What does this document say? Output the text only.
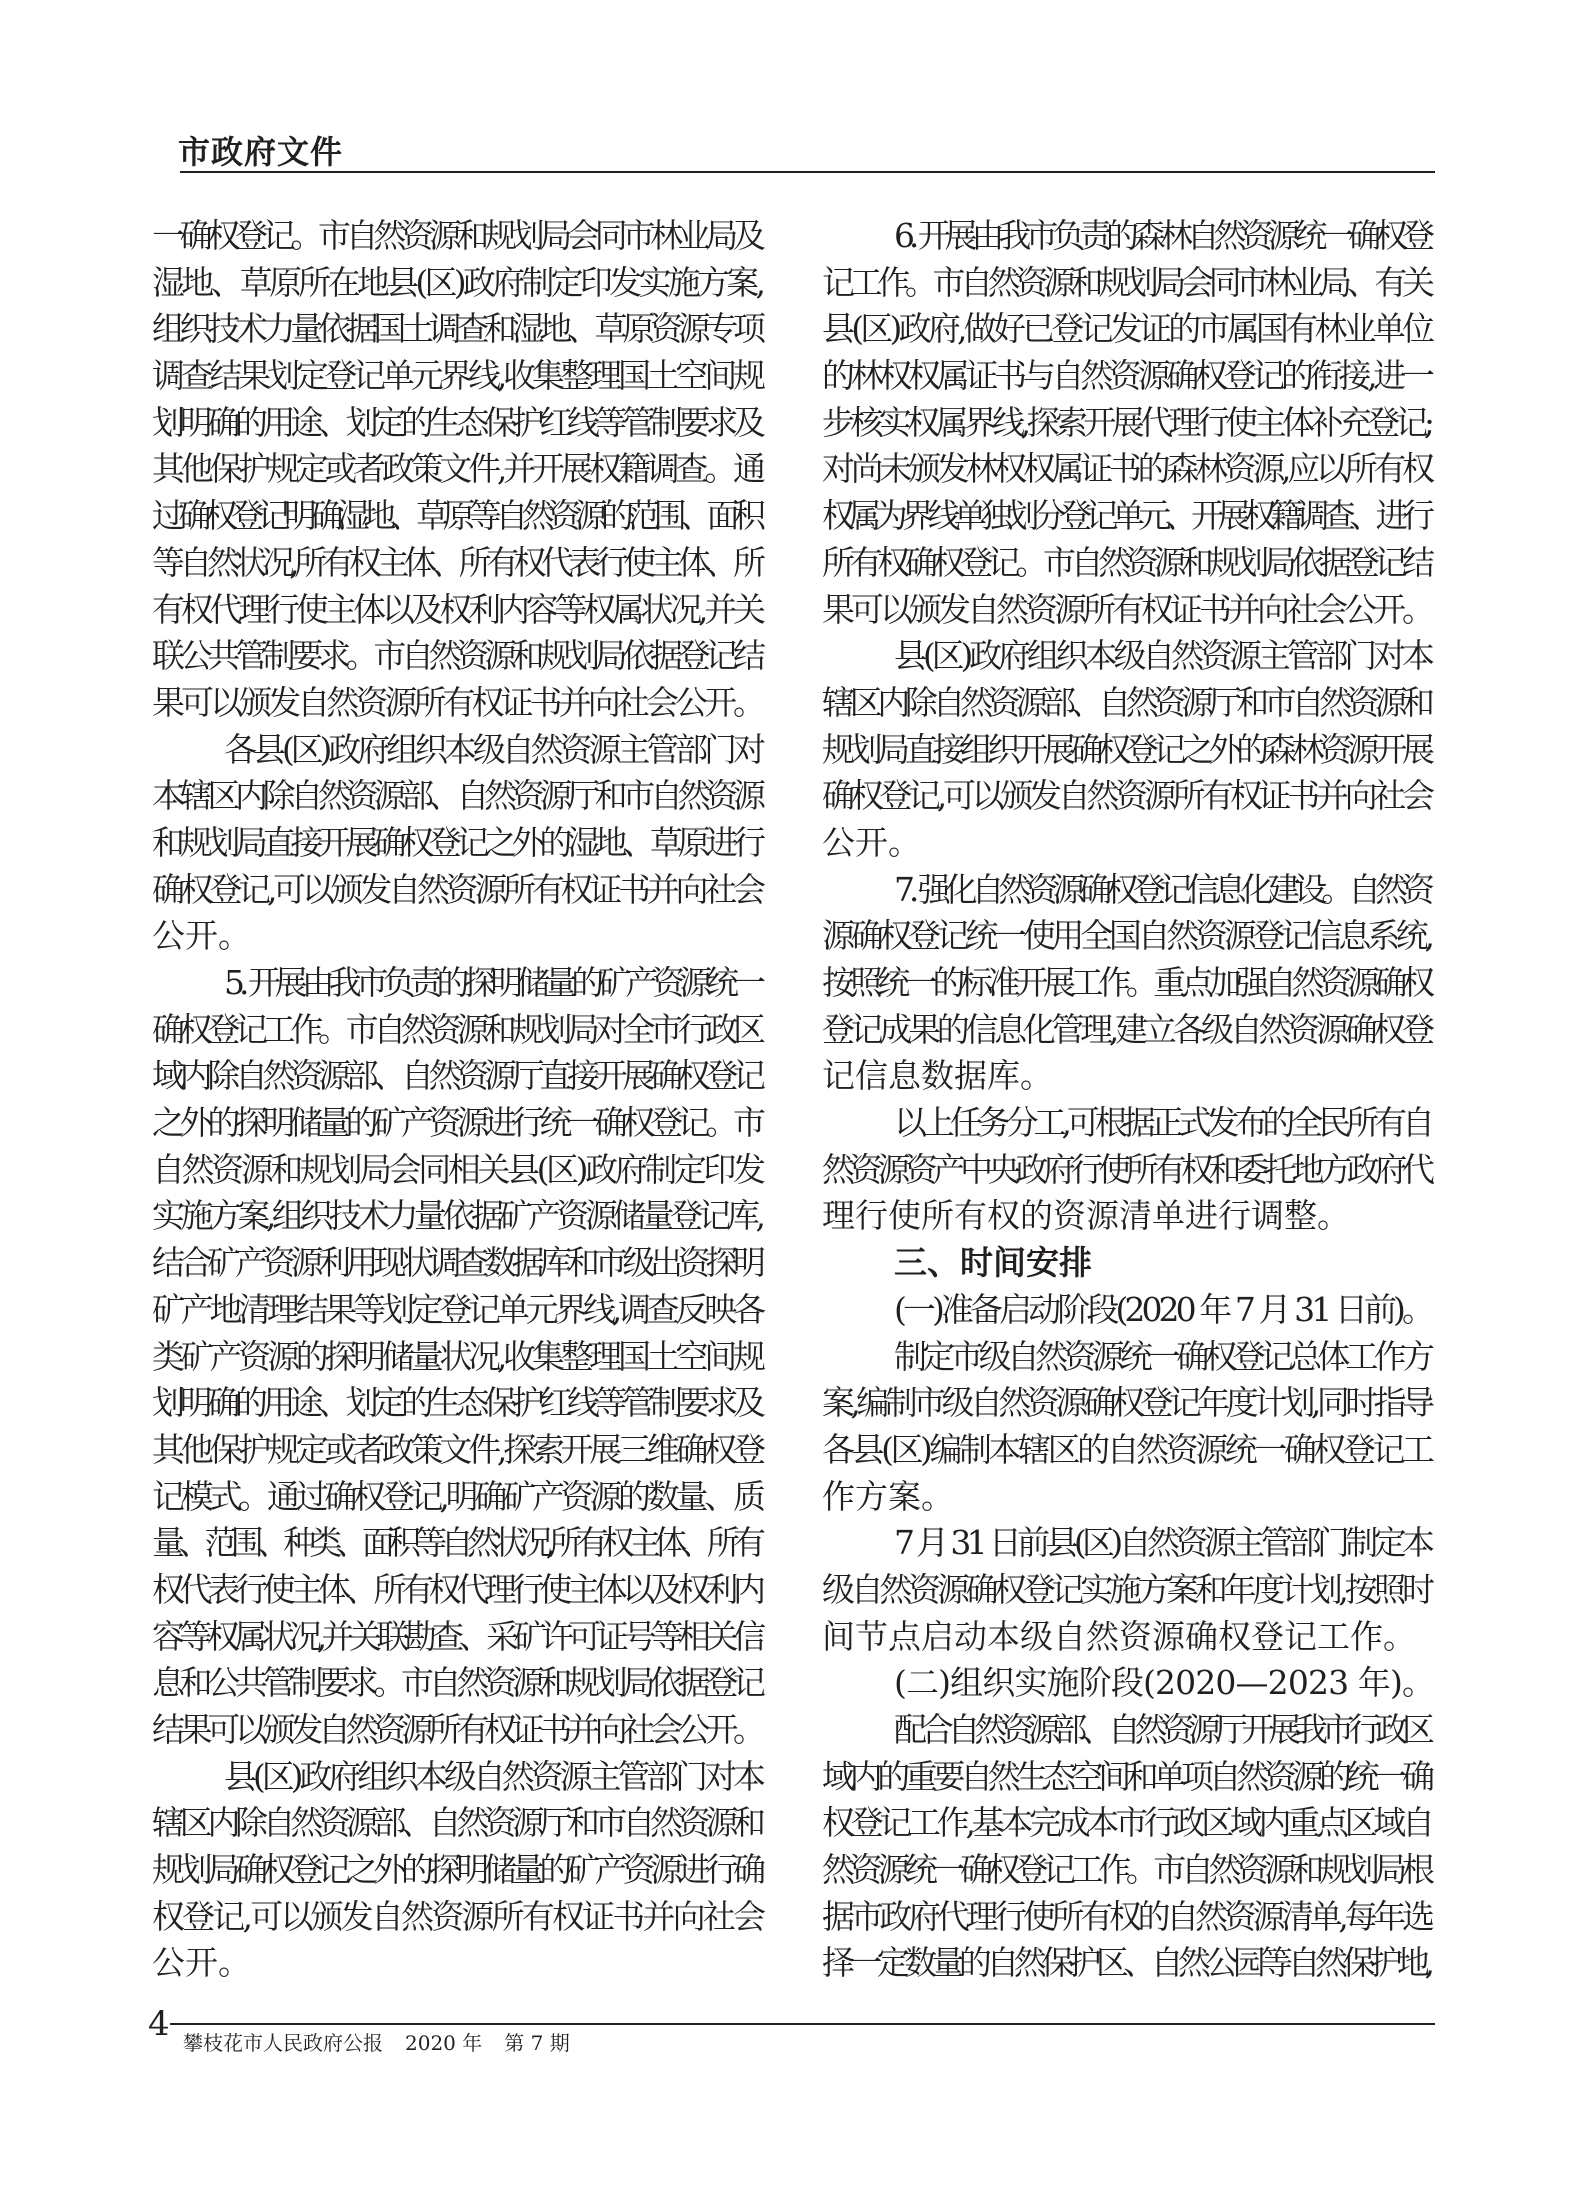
市政府文件
一确权登记。市自然资源和规划局会同市林业局及
湿地、草原所在地县(区)政府制定印发实施方案,
组织技术力量依据国土调查和湿地、草原资源专项
调查结果划定登记单元界线,收集整理国土空间规
划明确的用途、划定的生态保护红线等管制要求及
其他保护规定或者政策文件,并开展权籍调查。通
过确权登记明确湿地、草原等自然资源的范围、面积
等自然状况,所有权主体、所有权代表行使主体、所
有权代理行使主体以及权利内容等权属状况,并关
联公共管制要求。市自然资源和规划局依据登记结
果可以颁发自然资源所有权证书并向社会公开。
各县(区)政府组织本级自然资源主管部门对
本辖区内除自然资源部、自然资源厅和市自然资源
和规划局直接开展确权登记之外的湿地、草原进行
确权登记,可以颁发自然资源所有权证书并向社会
公开。
5. 开展由我市负责的探明储量的矿产资源统一
确权登记工作。市自然资源和规划局对全市行政区
域内除自然资源部、自然资源厅直接开展确权登记
之外的探明储量的矿产资源进行统一确权登记。市
自然资源和规划局会同相关县(区)政府制定印发
实施方案,组织技术力量依据矿产资源储量登记库,
结合矿产资源利用现状调查数据库和市级出资探明
矿产地清理结果等划定登记单元界线,调查反映各
类矿产资源的探明储量状况,收集整理国土空间规
划明确的用途、划定的生态保护红线等管制要求及
其他保护规定或者政策文件,探索开展三维确权登
记模式。通过确权登记,明确矿产资源的数量、质
量、范围、种类、面积等自然状况,所有权主体、所有
权代表行使主体、所有权代理行使主体以及权利内
容等权属状况,并关联勘查、采矿许可证号等相关信
息和公共管制要求。市自然资源和规划局依据登记
结果可以颁发自然资源所有权证书并向社会公开。
县(区)政府组织本级自然资源主管部门对本
辖区内除自然资源部、自然资源厅和市自然资源和
规划局确权登记之外的探明储量的矿产资源进行确
权登记,可以颁发自然资源所有权证书并向社会
公开。
6. 开展由我市负责的森林自然资源统一确权登
记工作。市自然资源和规划局会同市林业局、有关
县(区)政府,做好已登记发证的市属国有林业单位
的林权权属证书与自然资源确权登记的衔接,进一
步核实权属界线,探索开展代理行使主体补充登记;
对尚未颁发林权权属证书的森林资源,应以所有权
权属为界线单独划分登记单元、开展权籍调查、进行
所有权确权登记。市自然资源和规划局依据登记结
果可以颁发自然资源所有权证书并向社会公开。
县(区)政府组织本级自然资源主管部门对本
辖区内除自然资源部、自然资源厅和市自然资源和
规划局直接组织开展确权登记之外的森林资源开展
确权登记,可以颁发自然资源所有权证书并向社会
公开。
7. 强化自然资源确权登记信息化建设。自然资
源确权登记统一使用全国自然资源登记信息系统,
按照统一的标准开展工作。重点加强自然资源确权
登记成果的信息化管理,建立各级自然资源确权登
记信息数据库。
以上任务分工,可根据正式发布的全民所有自
然资源资产中央政府行使所有权和委托地方政府代
理行使所有权的资源清单进行调整。
三、时间安排
(一)准备启动阶段(2020 年 7 月 31 日前)。
制定市级自然资源统一确权登记总体工作方
案,编制市级自然资源确权登记年度计划,同时指导
各县(区)编制本辖区的自然资源统一确权登记工
作方案。
7 月 31 日前县(区)自然资源主管部门制定本
级自然资源确权登记实施方案和年度计划,按照时
间节点启动本级自然资源确权登记工作。
(二)组织实施阶段(2020—2023 年)。
配合自然资源部、自然资源厅开展我市行政区
域内的重要自然生态空间和单项自然资源的统一确
权登记工作,基本完成本市行政区域内重点区域自
然资源统一确权登记工作。市自然资源和规划局根
据市政府代理行使所有权的自然资源清单,每年选
择一定数量的自然保护区、自然公园等自然保护地,
4 攀枝花市人民政府公报 2020 年 第 7 期
